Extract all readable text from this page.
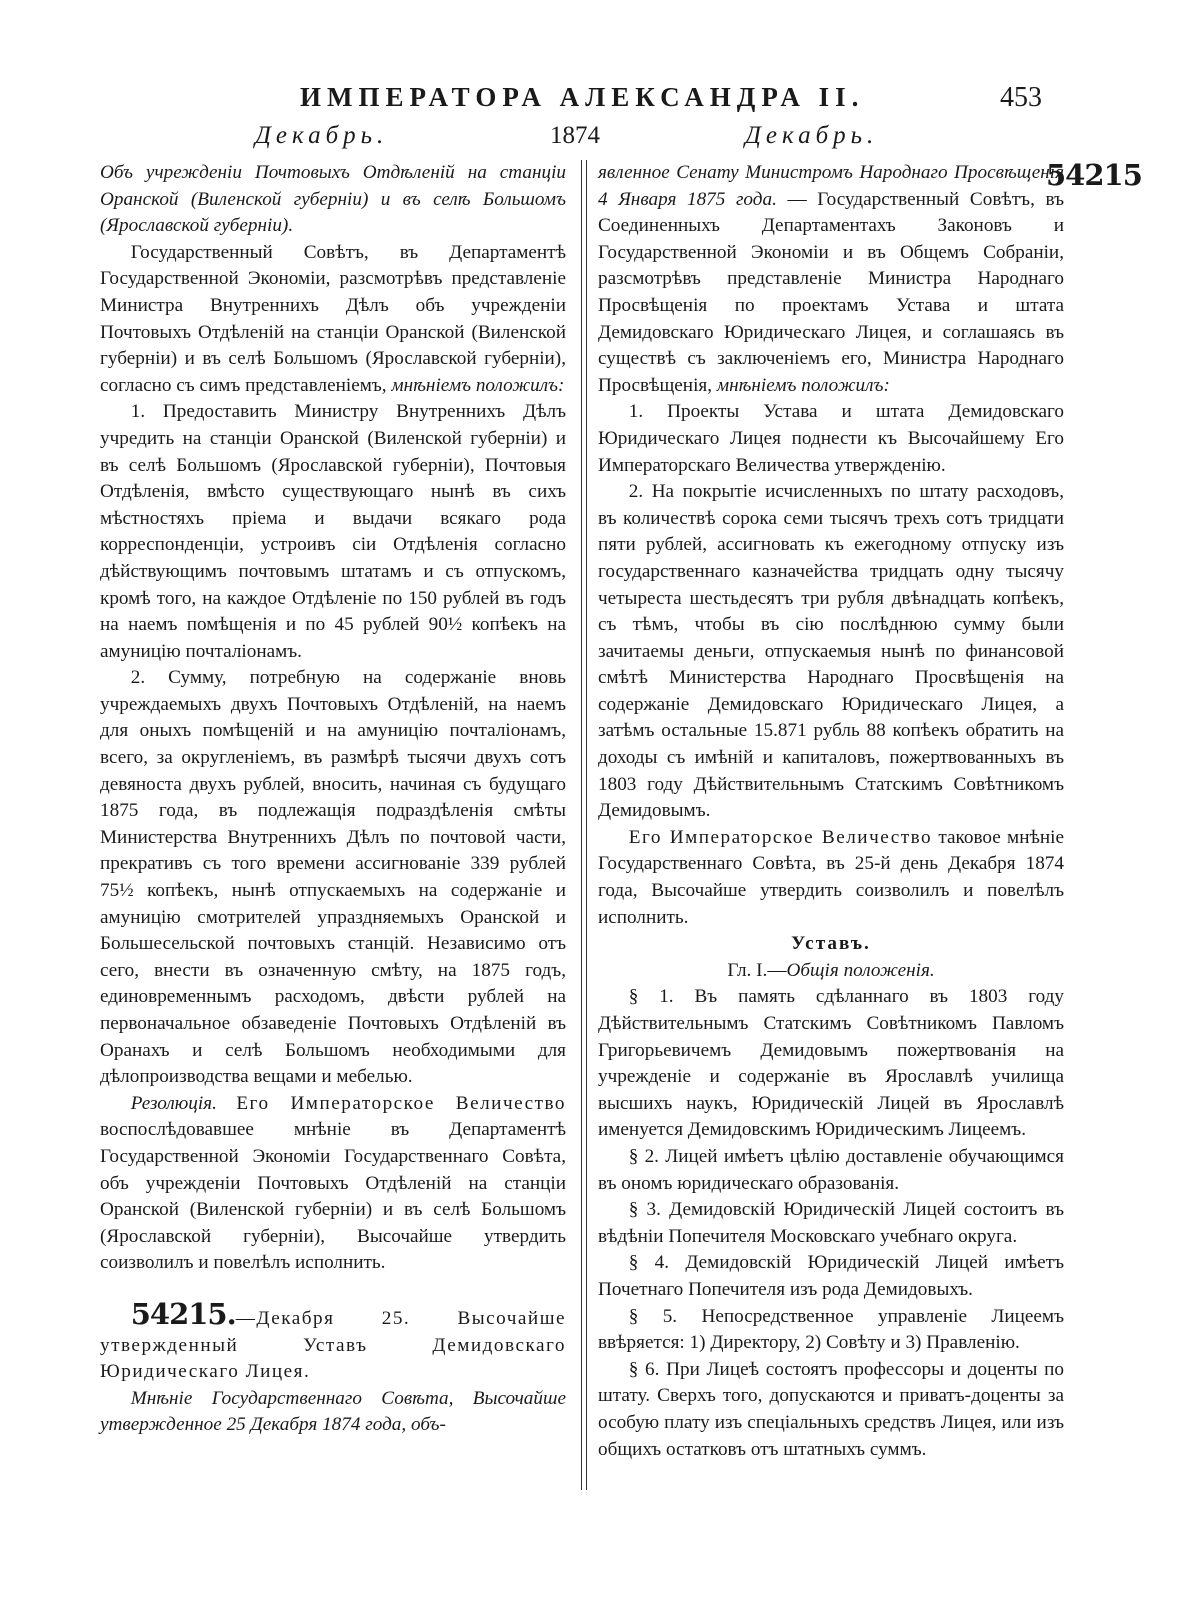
ИМПЕРАТОРА АЛЕКСАНДРА II.	453
Декабрь.	1874	Декабрь.
54215

Объ учрежденіи Почтовыхъ Отдѣленій на станціи Оранской (Виленской губерніи) и въ селѣ Большомъ (Ярославской губерніи).

Государственный Совѣтъ, въ Департаментѣ Государственной Экономіи, разсмотрѣвъ представленіе Министра Внутреннихъ Дѣлъ объ учрежденіи Почтовыхъ Отдѣленій на станціи Оранской (Виленской губерніи) и въ селѣ Большомъ (Ярославской губерніи), согласно съ симъ представленіемъ, мнѣніемъ положилъ:

1. Предоставить Министру Внутреннихъ Дѣлъ учредить на станціи Оранской (Виленской губерніи) и въ селѣ Большомъ (Ярославской губерніи), Почтовыя Отдѣленія, вмѣсто существующаго нынѣ въ сихъ мѣстностяхъ пріема и выдачи всякаго рода корреспонденціи, устроивъ сіи Отдѣленія согласно дѣйствующимъ почтовымъ штатамъ и съ отпускомъ, кромѣ того, на каждое Отдѣленіе по 150 рублей въ годъ на наемъ помѣщенія и по 45 рублей 90½ копѣекъ на амуницію почталіонамъ.

2. Сумму, потребную на содержаніе вновь учреждаемыхъ двухъ Почтовыхъ Отдѣленій, на наемъ для оныхъ помѣщеній и на амуницію почталіонамъ, всего, за округленіемъ, въ размѣрѣ тысячи двухъ сотъ девяноста двухъ рублей, вносить, начиная съ будущаго 1875 года, въ подлежащія подраздѣленія смѣты Министерства Внутреннихъ Дѣлъ по почтовой части, прекративъ съ того времени ассигнованіе 339 рублей 75½ копѣекъ, нынѣ отпускаемыхъ на содержаніе и амуницію смотрителей упраздняемыхъ Оранской и Большесельской почтовыхъ станцій. Независимо отъ сего, внести въ означенную смѣту, на 1875 годъ, единовременнымъ расходомъ, двѣсти рублей на первоначальное обзаведеніе Почтовыхъ Отдѣленій въ Оранахъ и селѣ Большомъ необходимыми для дѣлопроизводства вещами и мебелью.

Резолюція. Его Императорское Величество воспослѣдовавшее мнѣніе въ Департаментѣ Государственной Экономіи Государственнаго Совѣта, объ учрежденіи Почтовыхъ Отдѣленій на станціи Оранской (Виленской губерніи) и въ селѣ Большомъ (Ярославской губерніи), Высочайше утвердить соизволилъ и повелѣлъ исполнить.

54215.—Декабря 25. Высочайше утвержденный Уставъ Демидовскаго Юридическаго Лицея.

Мнѣніе Государственнаго Совѣта, Высочайше утвержденное 25 Декабря 1874 года, объ-

явленное Сенату Министромъ Народнаго Просвѣщенія 4 Января 1875 года. — Государственный Совѣтъ, въ Соединенныхъ Департаментахъ Законовъ и Государственной Экономіи и въ Общемъ Собраніи, разсмотрѣвъ представленіе Министра Народнаго Просвѣщенія по проектамъ Устава и штата Демидовскаго Юридическаго Лицея, и соглашаясь въ существѣ съ заключеніемъ его, Министра Народнаго Просвѣщенія, мнѣніемъ положилъ:

1. Проекты Устава и штата Демидовскаго Юридическаго Лицея поднести къ Высочайшему Его Императорскаго Величества утвержденію.

2. На покрытіе исчисленныхъ по штату расходовъ, въ количествѣ сорока семи тысячъ трехъ сотъ тридцати пяти рублей, ассигновать къ ежегодному отпуску изъ государственнаго казначейства тридцать одну тысячу четыреста шестьдесятъ три рубля двѣнадцать копѣекъ, съ тѣмъ, чтобы въ сію послѣднюю сумму были зачитаемы деньги, отпускаемыя нынѣ по финансовой смѣтѣ Министерства Народнаго Просвѣщенія на содержаніе Демидовскаго Юридическаго Лицея, а затѣмъ остальные 15.871 рубль 88 копѣекъ обратить на доходы съ имѣній и капиталовъ, пожертвованныхъ въ 1803 году Дѣйствительнымъ Статскимъ Совѣтникомъ Демидовымъ.

Его Императорское Величество таковое мнѣніе Государственнаго Совѣта, въ 25-й день Декабря 1874 года, Высочайше утвердить соизволилъ и повелѣлъ исполнить.

Уставъ.

Гл. I.—Общія положенія.

§ 1. Въ память сдѣланнаго въ 1803 году Дѣйствительнымъ Статскимъ Совѣтникомъ Павломъ Григорьевичемъ Демидовымъ пожертвованія на учрежденіе и содержаніе въ Ярославлѣ училища высшихъ наукъ, Юридическій Лицей въ Ярославлѣ именуется Демидовскимъ Юридическимъ Лицеемъ.

§ 2. Лицей имѣетъ цѣлію доставленіе обучающимся въ ономъ юридическаго образованія.

§ 3. Демидовскій Юридическій Лицей состоитъ въ вѣдѣніи Попечителя Московскаго учебнаго округа.

§ 4. Демидовскій Юридическій Лицей имѣетъ Почетнаго Попечителя изъ рода Демидовыхъ.

§ 5. Непосредственное управленіе Лицеемъ ввѣряется: 1) Директору, 2) Совѣту и 3) Правленію.

§ 6. При Лицеѣ состоятъ профессоры и доценты по штату. Сверхъ того, допускаются и приватъ-доценты за особую плату изъ спеціальныхъ средствъ Лицея, или изъ общихъ остатковъ отъ штатныхъ суммъ.
